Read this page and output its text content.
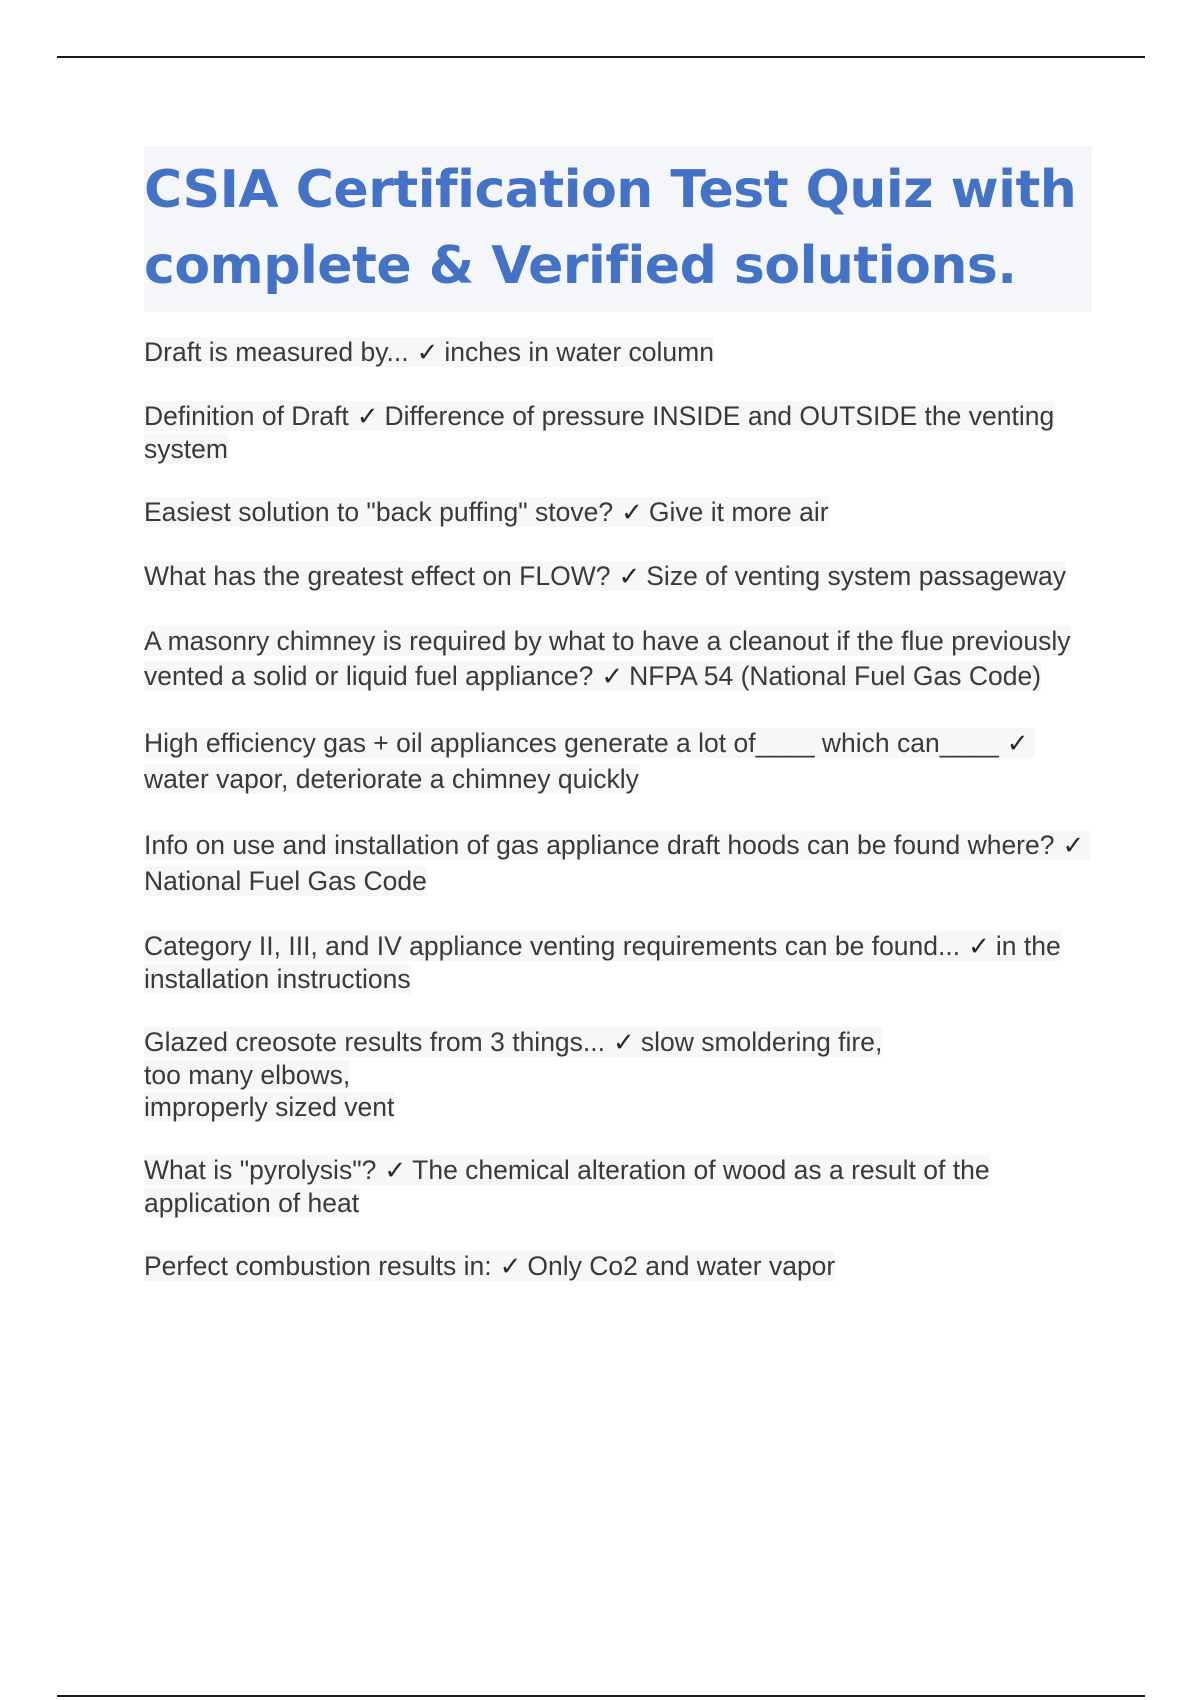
CSIA Certification Test Quiz with complete & Verified solutions.
Draft is measured by... ✓ inches in water column
Definition of Draft ✓ Difference of pressure INSIDE and OUTSIDE the venting system
Easiest solution to "back puffing" stove? ✓ Give it more air
What has the greatest effect on FLOW? ✓ Size of venting system passageway
A masonry chimney is required by what to have a cleanout if the flue previously vented a solid or liquid fuel appliance? ✓ NFPA 54 (National Fuel Gas Code)
High efficiency gas + oil appliances generate a lot of____ which can____ ✓water vapor, deteriorate a chimney quickly
Info on use and installation of gas appliance draft hoods can be found where? ✓National Fuel Gas Code
Category II, III, and IV appliance venting requirements can be found... ✓ in the installation instructions
Glazed creosote results from 3 things... ✓ slow smoldering fire,
too many elbows,
improperly sized vent
What is "pyrolysis"? ✓ The chemical alteration of wood as a result of the application of heat
Perfect combustion results in: ✓ Only Co2 and water vapor
